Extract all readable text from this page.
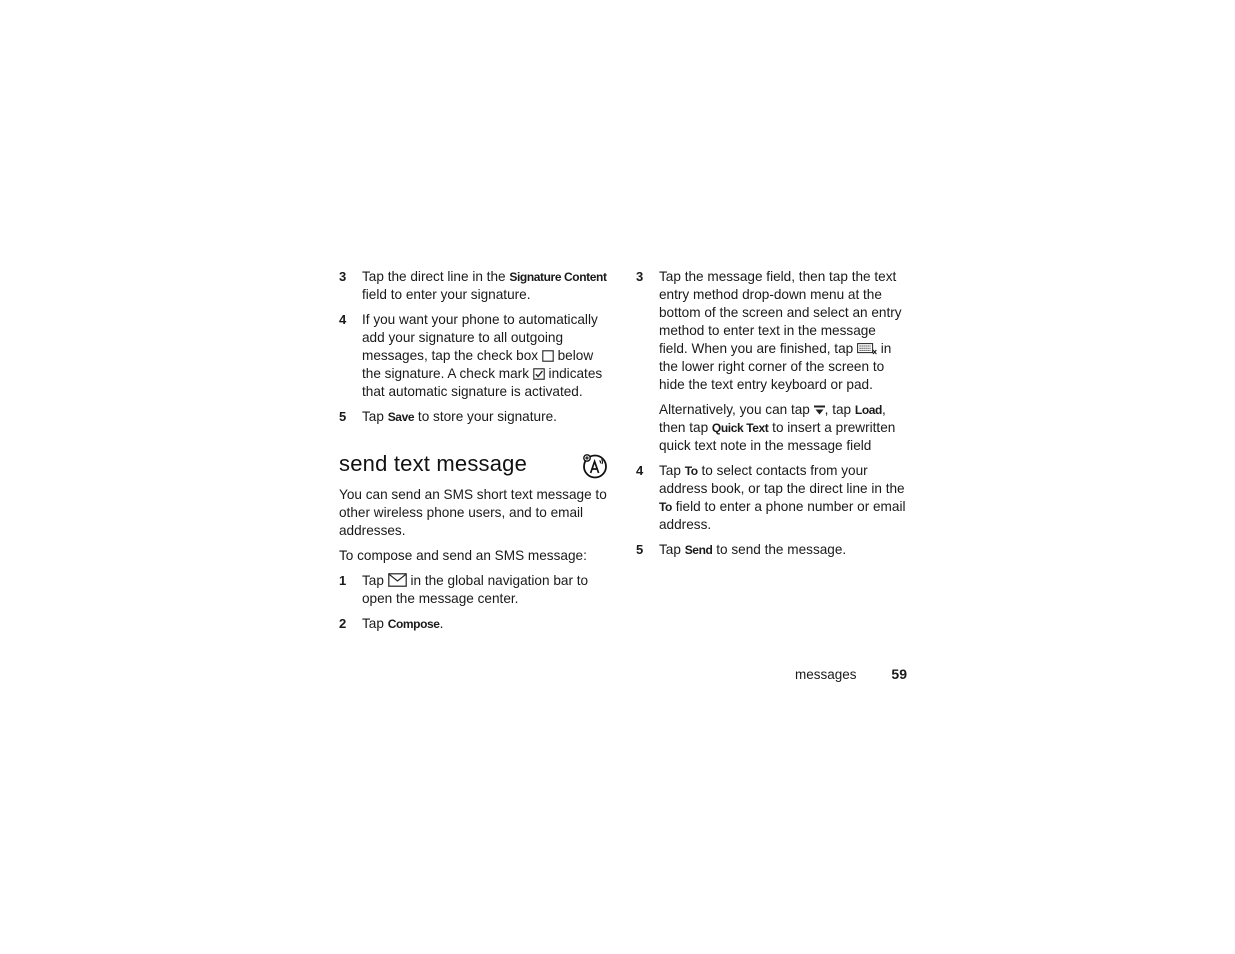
3	Tap the direct line in the Signature Content field to enter your signature.
4	If you want your phone to automatically add your signature to all outgoing messages, tap the check box  below the signature. A check mark  indicates that automatic signature is activated.
5	Tap Save to store your signature.
send text message

You can send an SMS short text message to other wireless phone users, and to email addresses.

To compose and send an SMS message:

1	Tap  in the global navigation bar to open the message center.
2	Tap Compose.
3	Tap the message field, then tap the text entry method drop-down menu at the bottom of the screen and select an entry method to enter text in the message field. When you are finished, tap  in the lower right corner of the screen to hide the text entry keyboard or pad.

Alternatively, you can tap , tap Load, then tap Quick Text to insert a prewritten quick text note in the message field

4	Tap To to select contacts from your address book, or tap the direct line in the To field to enter a phone number or email address.
5	Tap Send to send the message.
messages 59
